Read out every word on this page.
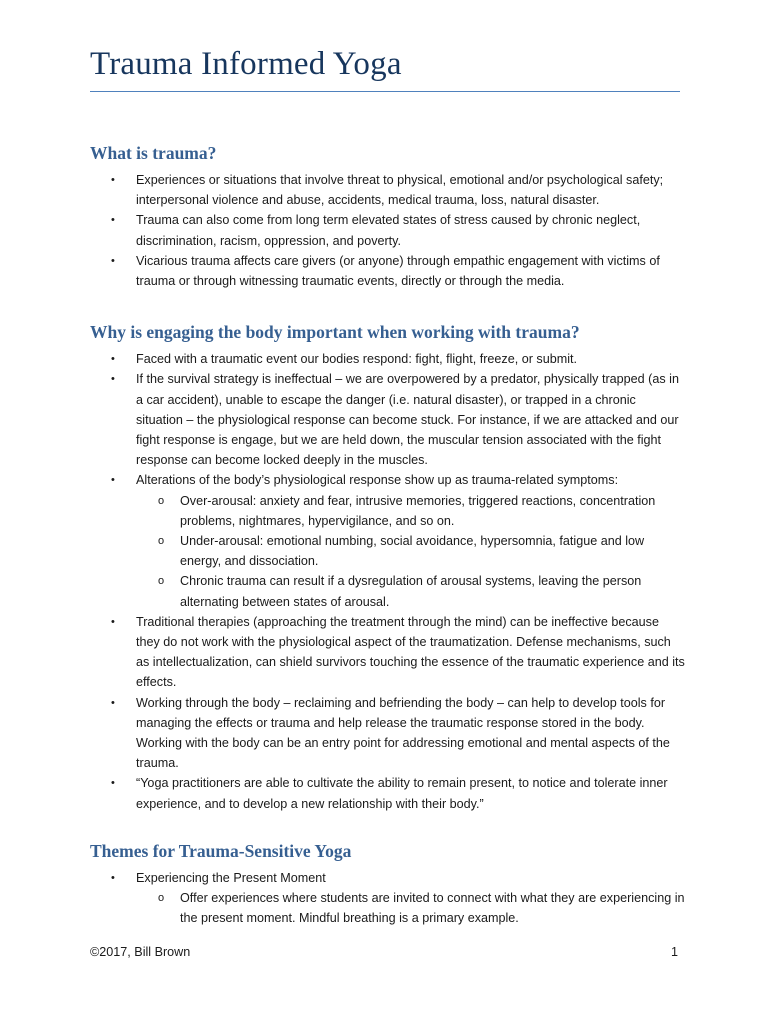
Trauma Informed Yoga
What is trauma?
• Experiences or situations that involve threat to physical, emotional and/or psychological safety; interpersonal violence and abuse, accidents, medical trauma, loss, natural disaster.
• Trauma can also come from long term elevated states of stress caused by chronic neglect, discrimination, racism, oppression, and poverty.
• Vicarious trauma affects care givers (or anyone) through empathic engagement with victims of trauma or through witnessing traumatic events, directly or through the media.
Why is engaging the body important when working with trauma?
• Faced with a traumatic event our bodies respond: fight, flight, freeze, or submit.
• If the survival strategy is ineffectual – we are overpowered by a predator, physically trapped (as in a car accident), unable to escape the danger (i.e. natural disaster), or trapped in a chronic situation – the physiological response can become stuck. For instance, if we are attacked and our fight response is engage, but we are held down, the muscular tension associated with the fight response can become locked deeply in the muscles.
• Alterations of the body’s physiological response show up as trauma-related symptoms:
o Over-arousal: anxiety and fear, intrusive memories, triggered reactions, concentration problems, nightmares, hypervigilance, and so on.
o Under-arousal: emotional numbing, social avoidance, hypersomnia, fatigue and low energy, and dissociation.
o Chronic trauma can result if a dysregulation of arousal systems, leaving the person alternating between states of arousal.
• Traditional therapies (approaching the treatment through the mind) can be ineffective because they do not work with the physiological aspect of the traumatization. Defense mechanisms, such as intellectualization, can shield survivors touching the essence of the traumatic experience and its effects.
• Working through the body – reclaiming and befriending the body – can help to develop tools for managing the effects or trauma and help release the traumatic response stored in the body. Working with the body can be an entry point for addressing emotional and mental aspects of the trauma.
• “Yoga practitioners are able to cultivate the ability to remain present, to notice and tolerate inner experience, and to develop a new relationship with their body.”
Themes for Trauma-Sensitive Yoga
• Experiencing the Present Moment
o Offer experiences where students are invited to connect with what they are experiencing in the present moment. Mindful breathing is a primary example.
©2017, Bill Brown	1
